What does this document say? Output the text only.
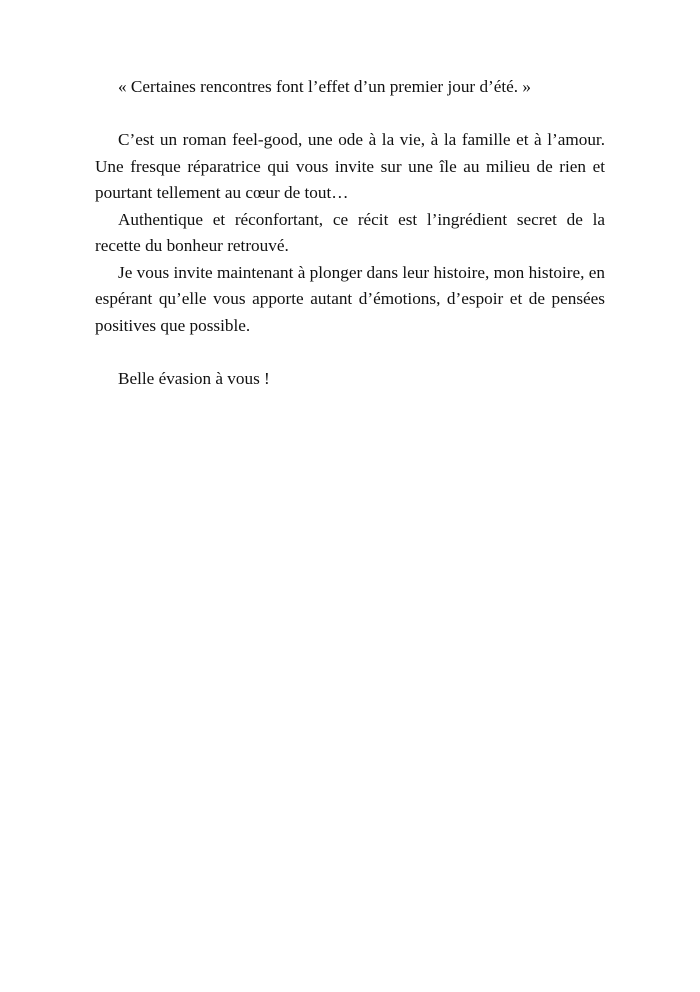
« Certaines rencontres font l’effet d’un premier jour d’été. »

C’est un roman feel-good, une ode à la vie, à la famille et à l’amour. Une fresque réparatrice qui vous invite sur une île au milieu de rien et pourtant tellement au cœur de tout…

Authentique et réconfortant, ce récit est l’ingrédient secret de la recette du bonheur retrouvé.

Je vous invite maintenant à plonger dans leur histoire, mon histoire, en espérant qu’elle vous apporte autant d’émotions, d’espoir et de pensées positives que possible.

Belle évasion à vous !
